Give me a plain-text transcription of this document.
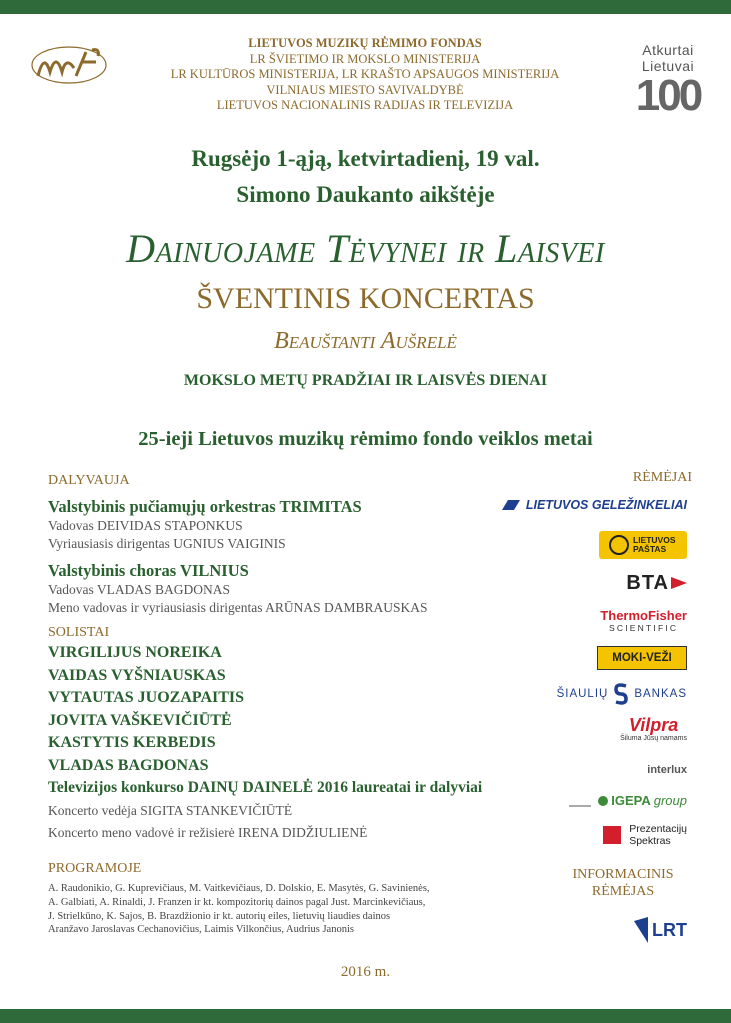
Atkurtai
Lietuvai
100
LIETUVOS MUZIKŲ RĖMIMO FONDAS
LR ŠVIETIMO IR MOKSLO MINISTERIJA
LR KULTŪROS MINISTERIJA, LR KRAŠTO APSAUGOS MINISTERIJA
VILNIAUS MIESTO SAVIVALDYBĖ
LIETUVOS NACIONALINIS RADIJAS IR TELEVIZIJA
Rugsėjo 1-ąją, ketvirtadienį, 19 val.
Simono Daukanto aikštėje
Dainuojame Tėvynei ir Laisvei
ŠVENTINIS KONCERTAS
Beauštanti Aušrelė
MOKSLO METŲ PRADŽIAI IR LAISVĖS DIENAI
25-ieji Lietuvos muzikų rėmimo fondo veiklos metai
DALYVAUJA
Valstybinis pučiamųjų orkestras TRIMITAS
Vadovas DEIVIDAS STAPONKUS
Vyriausiasis dirigentas UGNIUS VAIGINIS
Valstybinis choras VILNIUS
Vadovas VLADAS BAGDONAS
Meno vadovas ir vyriausiasis dirigentas ARŪNAS DAMBRAUSKAS
SOLISTAI
VIRGILIJUS NOREIKA
VAIDAS VYŠNIAUSKAS
VYTAUTAS JUOZAPAITIS
JOVITA VAŠKEVIČIŪTĖ
KASTYTIS KERBEDIS
VLADAS BAGDONAS
Televizijos konkurso DAINŲ DAINELĖ 2016 laureatai ir dalyviai
Koncerto vedėja SIGITA STANKEVIČIŪTĖ
Koncerto meno vadovė ir režisierė IRENA DIDŽIULIENĖ
PROGRAMOJE
A. Raudonikio, G. Kuprevičiaus, M. Vaitkevičiaus, D. Dolskio, E. Masytės, G. Savinienės,
A. Galbiati, A. Rinaldi, J. Franzen ir kt. kompozitorių dainos pagal Just. Marcinkevičiaus,
J. Strielkūno, K. Sajos, B. Brazdžionio ir kt. autorių eiles, lietuvių liaudies dainos
Aranžavo Jaroslavas Cechanovičius, Laimis Vilkončius, Audrius Janonis
2016 m.
RĖMĖJAI
LIETUVOS GELEŽINKELIAI
LIETUVOS PAŠTAS
BTA
ThermoFisher
SCIENTIFIC
MOKI-VEŽI
ŠIAULIŲ BANKAS
Vilpra
Šiluma Jūsų namams
interlux
IGEPA group
Prezentacijų
Spektras
INFORMACINIS
RĖMĖJAS
LRT
